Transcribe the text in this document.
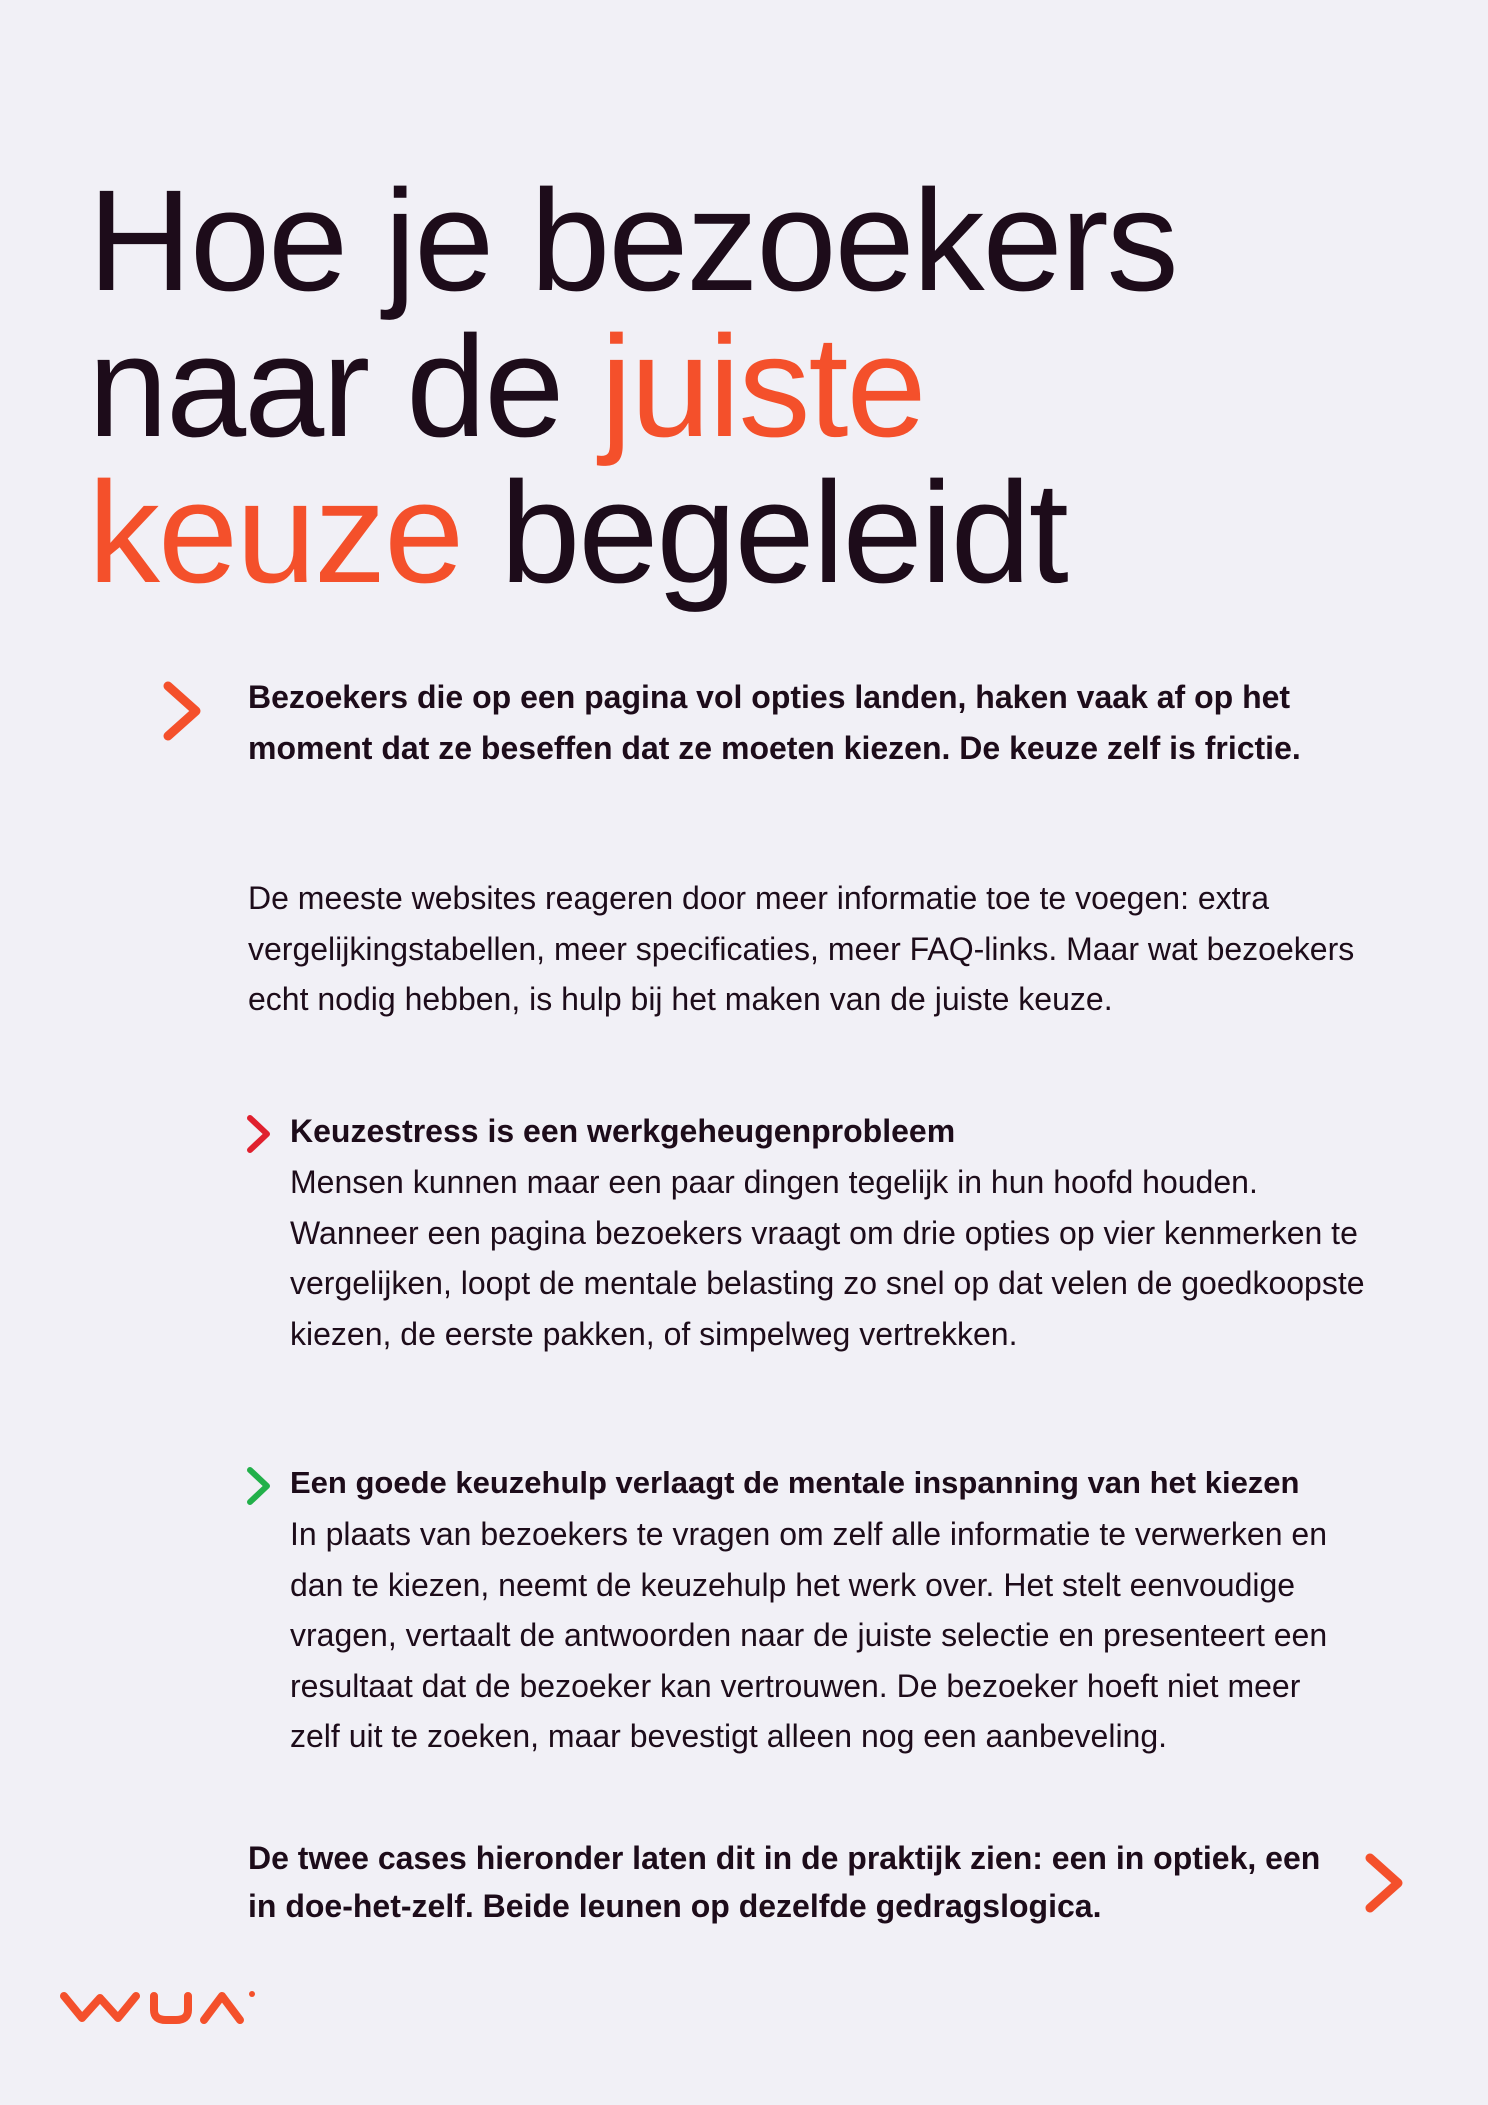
Hoe je bezoekers
naar de juiste
keuze begeleidt

Bezoekers die op een pagina vol opties landen, haken vaak af op het moment dat ze beseffen dat ze moeten kiezen. De keuze zelf is frictie.

De meeste websites reageren door meer informatie toe te voegen: extra vergelijkingstabellen, meer specificaties, meer FAQ-links. Maar wat bezoekers echt nodig hebben, is hulp bij het maken van de juiste keuze.

Keuzestress is een werkgeheugenprobleem

Mensen kunnen maar een paar dingen tegelijk in hun hoofd houden. Wanneer een pagina bezoekers vraagt om drie opties op vier kenmerken te vergelijken, loopt de mentale belasting zo snel op dat velen de goedkoopste kiezen, de eerste pakken, of simpelweg vertrekken.

Een goede keuzehulp verlaagt de mentale inspanning van het kiezen

In plaats van bezoekers te vragen om zelf alle informatie te verwerken en dan te kiezen, neemt de keuzehulp het werk over. Het stelt eenvoudige vragen, vertaalt de antwoorden naar de juiste selectie en presenteert een resultaat dat de bezoeker kan vertrouwen. De bezoeker hoeft niet meer zelf uit te zoeken, maar bevestigt alleen nog een aanbeveling.

De twee cases hieronder laten dit in de praktijk zien: een in optiek, een in doe-het-zelf. Beide leunen op dezelfde gedragslogica.
